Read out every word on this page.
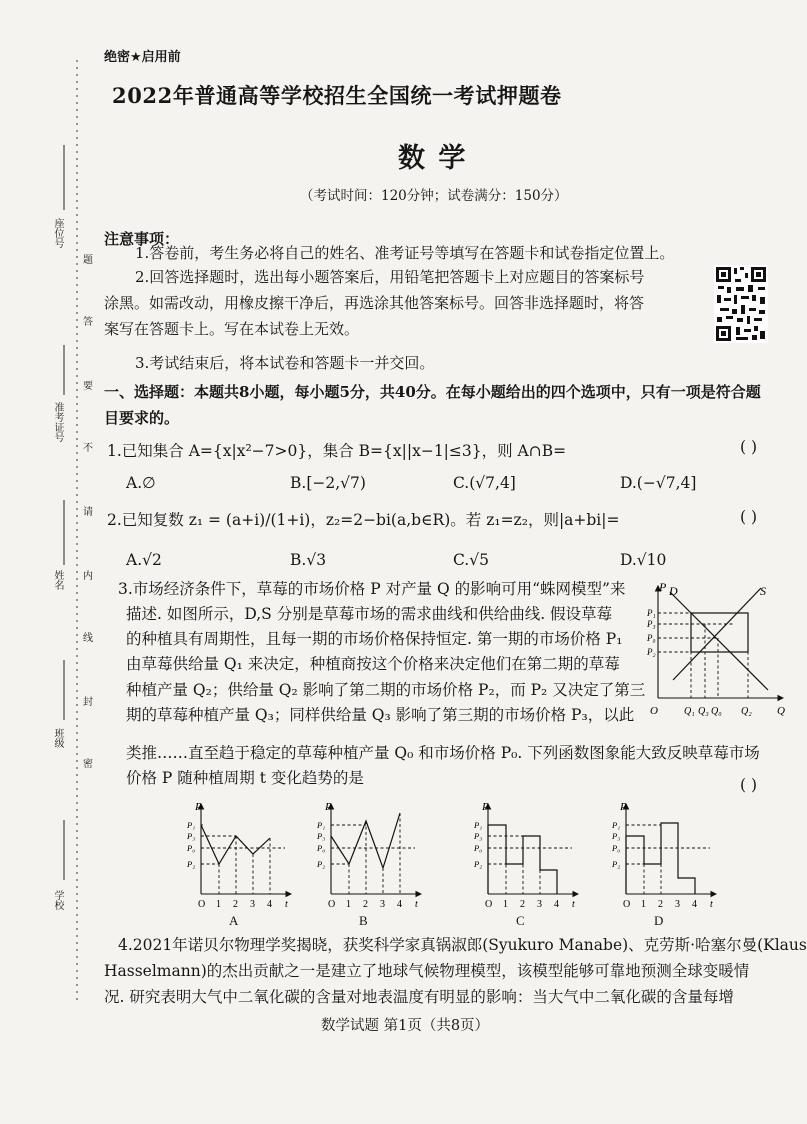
座位号
准考证号
姓名
班级
学校
题
答
要
不
请
内
线
封
密
绝密★启用前
2022年普通高等学校招生全国统一考试押题卷
数 学
（考试时间：120分钟；试卷满分：150分）
注意事项：
1.答卷前，考生务必将自己的姓名、准考证号等填写在答题卡和试卷指定位置上。
2.回答选择题时，选出每小题答案后，用铅笔把答题卡上对应题目的答案标号
涂黑。如需改动，用橡皮擦干净后，再选涂其他答案标号。回答非选择题时，将答
案写在答题卡上。写在本试卷上无效。
3.考试结束后，将本试卷和答题卡一并交回。
一、选择题：本题共8小题，每小题5分，共40分。在每小题给出的四个选项中，只有一项是符合题
目要求的。
1.已知集合 A={x|x²−7>0}，集合 B={x||x−1|≤3}，则 A∩B=	( )
A.∅	B.[−2,√7)	C.(√7,4]	D.(−√7,4]
2.已知复数 z₁ = (a+i)/(1+i)，z₂=2−bi(a,b∈R)。若 z₁=z₂，则|a+bi|=	( )
A.√2	B.√3	C.√5	D.√10
3.市场经济条件下，草莓的市场价格 P 对产量 Q 的影响可用“蛛网模型”来
描述. 如图所示，D,S 分别是草莓市场的需求曲线和供给曲线. 假设草莓
的种植具有周期性，且每一期的市场价格保持恒定. 第一期的市场价格 P₁
由草莓供给量 Q₁ 来决定，种植商按这个价格来决定他们在第二期的草莓
种植产量 Q₂；供给量 Q₂ 影响了第二期的市场价格 P₂，而 P₂ 又决定了第三
期的草莓种植产量 Q₃；同样供给量 Q₃ 影响了第三期的市场价格 P₃，以此
类推……直至趋于稳定的草莓种植产量 Q₀ 和市场价格 P₀. 下列函数图象能大致反映草莓市场
价格 P 随种植周期 t 变化趋势的是	( )
P D	S
P₁
P₃
P₀
P₂
O	Q₁ Q₃ Q₀ Q₂ Q
P
P₁
P₃
P₀
P₂
O 1 2 3 4 t
A
P
P₁
P₃
P₀
P₂
O 1 2 3 4 t
B
P
P₁
P₃
P₀
P₂
O 1 2 3 4 t
C
P
P₁
P₃
P₀
P₂
O 1 2 3 4 t
D
4.2021年诺贝尔物理学奖揭晓，获奖科学家真锅淑郎(Syukuro Manabe)、克劳斯·哈塞尔曼(Klaus
Hasselmann)的杰出贡献之一是建立了地球气候物理模型，该模型能够可靠地预测全球变暖情
况. 研究表明大气中二氧化碳的含量对地表温度有明显的影响：当大气中二氧化碳的含量每增
数学试题 第1页（共8页）
